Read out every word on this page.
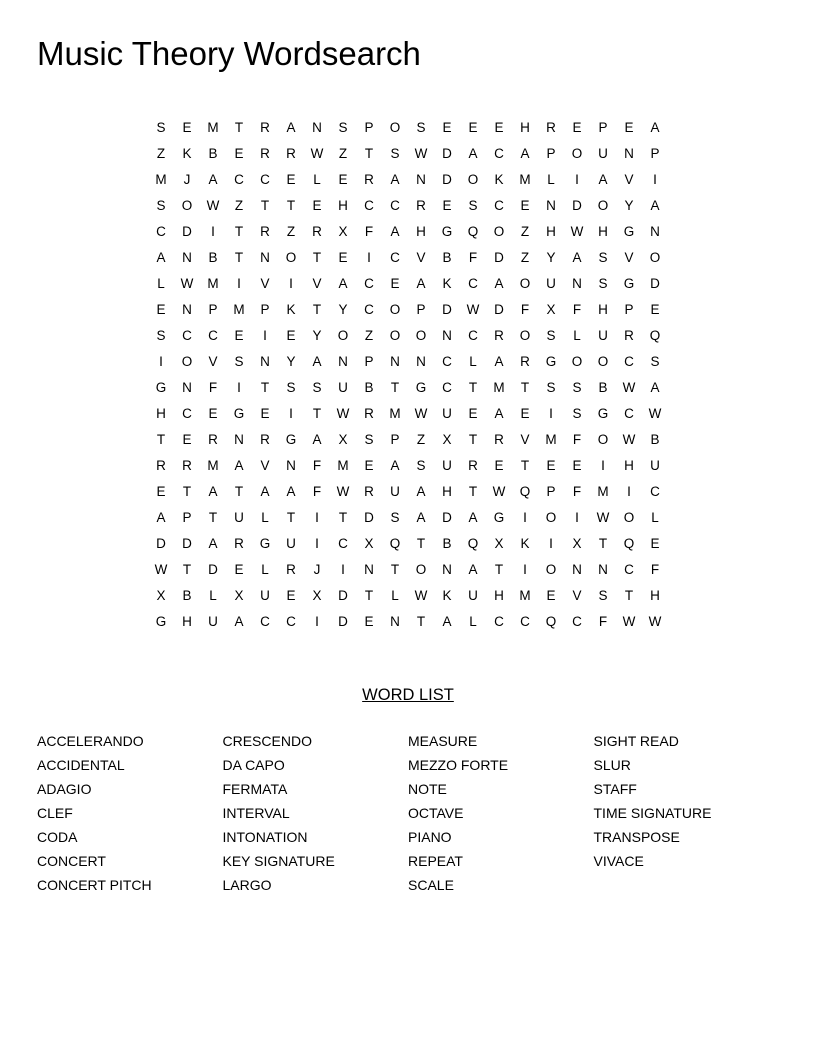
Music Theory Wordsearch
S	E	M	T	R	A	N	S	P	O	S	E	E	E	H	R	E	P	E	A
Z	K	B	E	R	R	W	Z	T	S	W	D	A	C	A	P	O	U	N	P
M	J	A	C	C	E	L	E	R	A	N	D	O	K	M	L	I	A	V	I
S	O	W	Z	T	T	E	H	C	C	R	E	S	C	E	N	D	O	Y	A
C	D	I	T	R	Z	R	X	F	A	H	G	Q	O	Z	H	W	H	G	N
A	N	B	T	N	O	T	E	I	C	V	B	F	D	Z	Y	A	S	V	O
L	W	M	I	V	I	V	A	C	E	A	K	C	A	O	U	N	S	G	D
E	N	P	M	P	K	T	Y	C	O	P	D	W	D	F	X	F	H	P	E
S	C	C	E	I	E	Y	O	Z	O	O	N	C	R	O	S	L	U	R	Q
I	O	V	S	N	Y	A	N	P	N	N	C	L	A	R	G	O	O	C	S
G	N	F	I	T	S	S	U	B	T	G	C	T	M	T	S	S	B	W	A
H	C	E	G	E	I	T	W	R	M	W	U	E	A	E	I	S	G	C	W
T	E	R	N	R	G	A	X	S	P	Z	X	T	R	V	M	F	O	W	B
R	R	M	A	V	N	F	M	E	A	S	U	R	E	T	E	E	I	H	U
E	T	A	T	A	A	F	W	R	U	A	H	T	W	Q	P	F	M	I	C
A	P	T	U	L	T	I	T	D	S	A	D	A	G	I	O	I	W	O	L
D	D	A	R	G	U	I	C	X	Q	T	B	Q	X	K	I	X	T	Q	E
W	T	D	E	L	R	J	I	N	T	O	N	A	T	I	O	N	N	C	F
X	B	L	X	U	E	X	D	T	L	W	K	U	H	M	E	V	S	T	H
G	H	U	A	C	C	I	D	E	N	T	A	L	C	C	Q	C	F	W W
WORD LIST
ACCELERANDO
ACCIDENTAL
ADAGIO
CLEF
CODA
CONCERT
CONCERT PITCH
CRESCENDO
DA CAPO
FERMATA
INTERVAL
INTONATION
KEY SIGNATURE
LARGO
MEASURE
MEZZO FORTE
NOTE
OCTAVE
PIANO
REPEAT
SCALE
SIGHT READ
SLUR
STAFF
TIME SIGNATURE
TRANSPOSE
VIVACE
